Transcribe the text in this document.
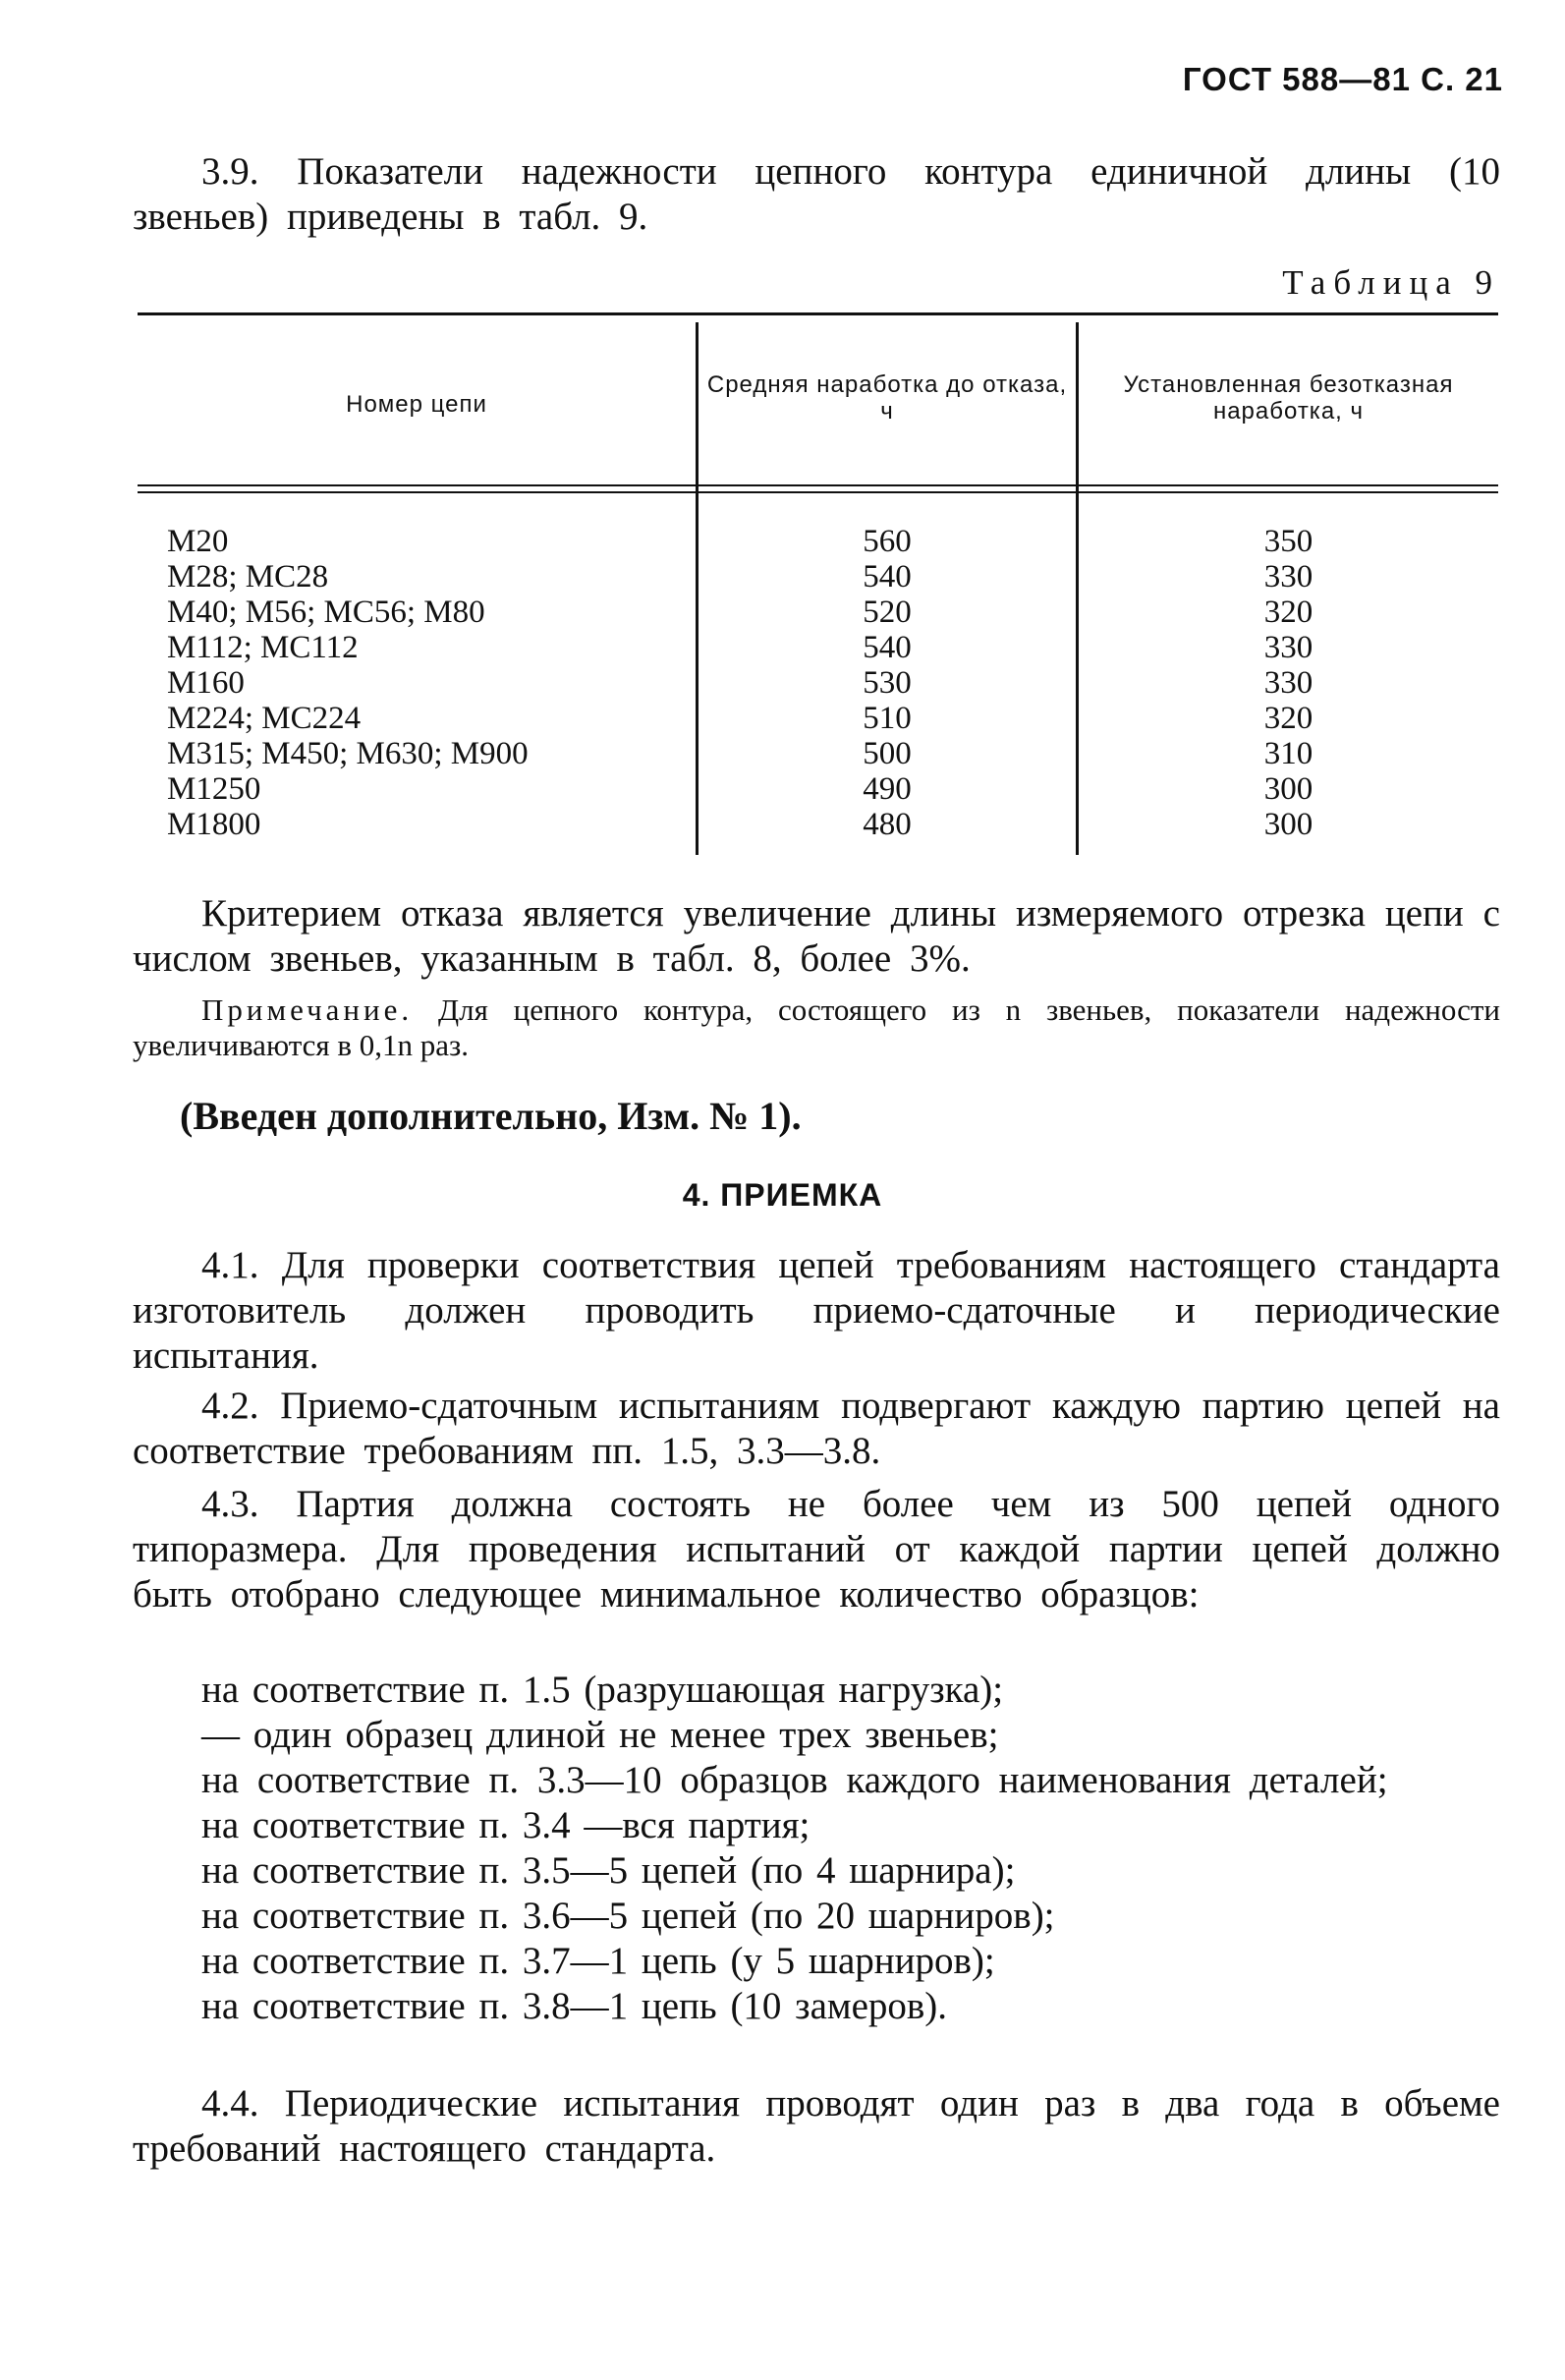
ГОСТ 588—81 С. 21
3.9. Показатели надежности цепного контура единичной длины (10 звеньев) приведены в табл. 9.
Таблица 9
Номер цепи
Средняя наработка до отказа, ч
Установленная безотказная наработка, ч
М20
М28; МС28
М40; М56; МС56; М80
М112; МС112
М160
М224; МС224
М315; М450; М630; М900
М1250
М1800
560
540
520
540
530
510
500
490
480
350
330
320
330
330
320
310
300
300
Критерием отказа является увеличение длины измеряемого отрезка цепи с числом звеньев, указанным в табл. 8, более 3%.
Примечание. Для цепного контура, состоящего из n звеньев, показатели надежности увеличиваются в 0,1n раз.
(Введен дополнительно, Изм. № 1).
4. ПРИЕМКА
4.1. Для проверки соответствия цепей требованиям настоящего стандарта изготовитель должен проводить приемо-сдаточные и периодические испытания.
4.2. Приемо-сдаточным испытаниям подвергают каждую партию цепей на соответствие требованиям пп. 1.5, 3.3—3.8.
4.3. Партия должна состоять не более чем из 500 цепей одного типоразмера. Для проведения испытаний от каждой партии цепей должно быть отобрано следующее минимальное количество образцов:
на соответствие п. 1.5 (разрушающая нагрузка);
— один образец длиной не менее трех звеньев;
на соответствие п. 3.3—10 образцов каждого наименования деталей;
на соответствие п. 3.4 —вся партия;
на соответствие п. 3.5—5 цепей (по 4 шарнира);
на соответствие п. 3.6—5 цепей (по 20 шарниров);
на соответствие п. 3.7—1 цепь (у 5 шарниров);
на соответствие п. 3.8—1 цепь (10 замеров).
4.4. Периодические испытания проводят один раз в два года в объеме требований настоящего стандарта.
